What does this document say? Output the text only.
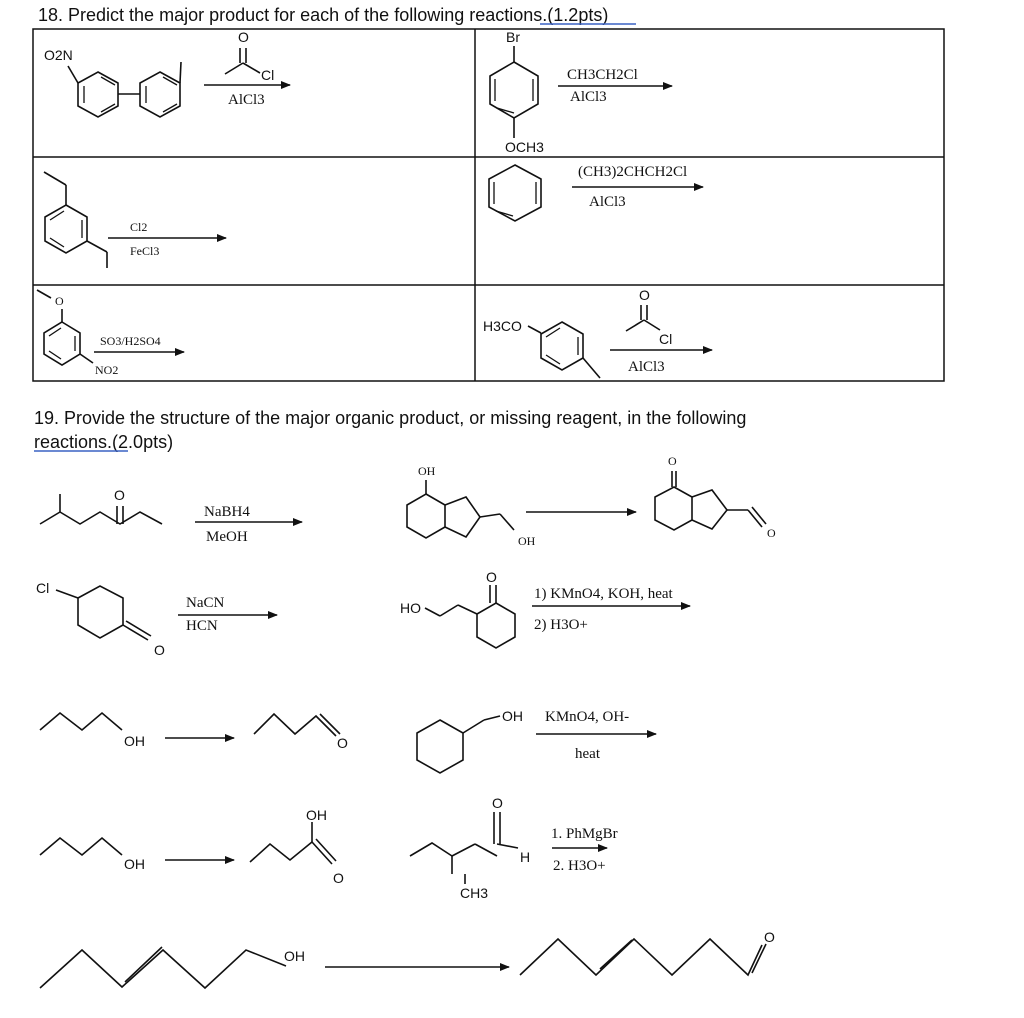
18. Predict the major product for each of the following reactions.(1.2pts)
O2N
O
Cl
AlCl3
Br
OCH3
CH3CH2Cl
AlCl3
Cl2
FeCl3
(CH3)2CHCH2Cl
AlCl3
O
NO2
SO3/H2SO4
H3CO
O
Cl
AlCl3
19. Provide the structure of the major organic product, or missing reagent, in the following
reactions.(2.0pts)
O
NaBH4
MeOH
OH
OH
O
O
Cl
O
NaCN
HCN
HO
O
1) KMnO4, KOH, heat
2) H3O+
OH	O
OH KMnO4, OH-
heat
OH
OH
O
CH3
O
H
1. PhMgBr
2. H3O+
OH
O
